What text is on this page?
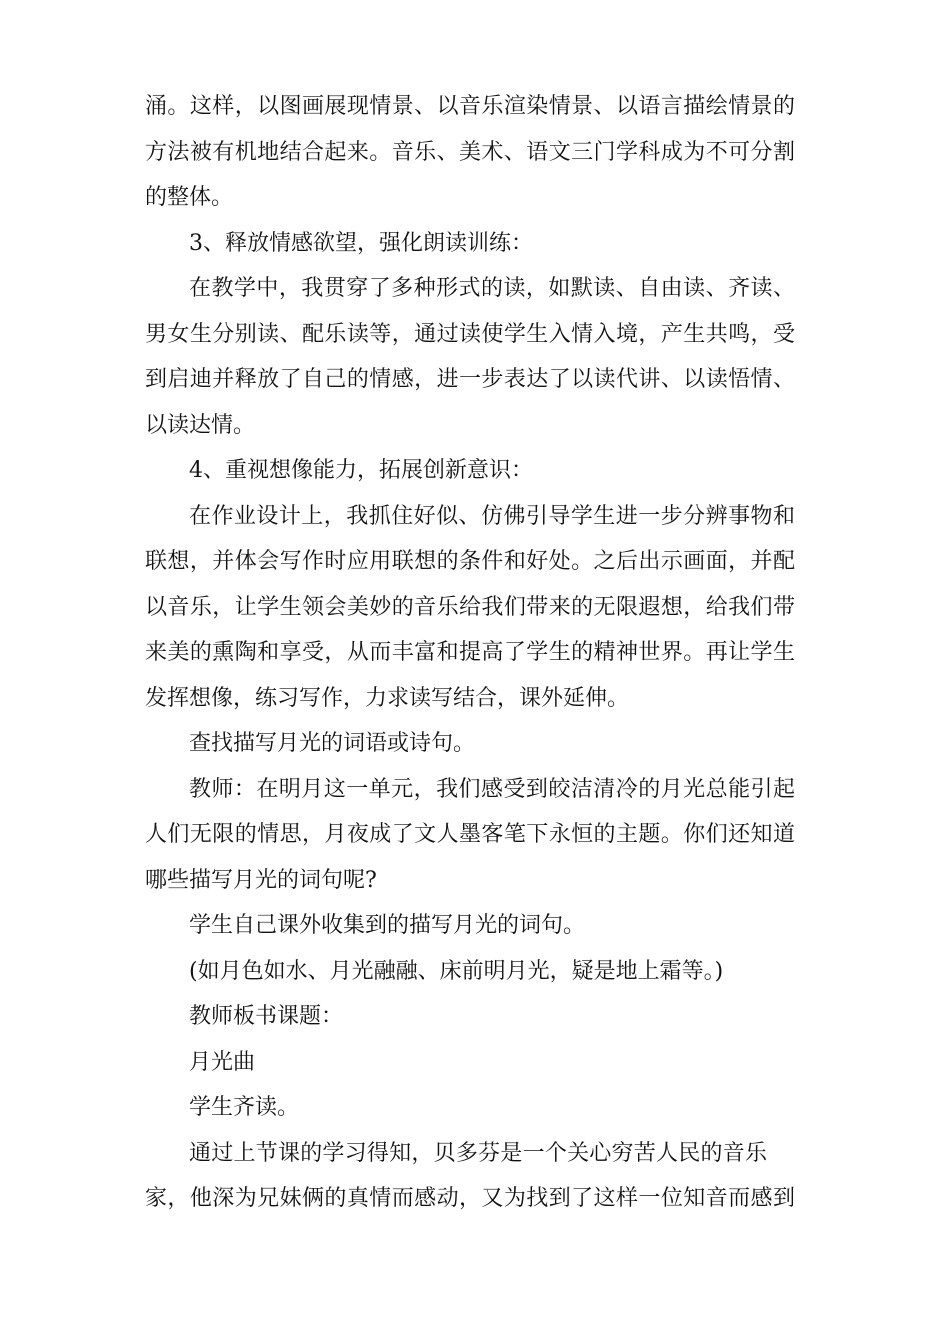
涌。这样，以图画展现情景、以音乐渲染情景、以语言描绘情景的
方法被有机地结合起来。音乐、美术、语文三门学科成为不可分割
的整体。
3、释放情感欲望，强化朗读训练：
在教学中，我贯穿了多种形式的读，如默读、自由读、齐读、
男女生分别读、配乐读等，通过读使学生入情入境，产生共鸣，受
到启迪并释放了自己的情感，进一步表达了以读代讲、以读悟情、
以读达情。
4、重视想像能力，拓展创新意识：
在作业设计上，我抓住好似、仿佛引导学生进一步分辨事物和
联想，并体会写作时应用联想的条件和好处。之后出示画面，并配
以音乐，让学生领会美妙的音乐给我们带来的无限遐想，给我们带
来美的熏陶和享受，从而丰富和提高了学生的精神世界。再让学生
发挥想像，练习写作，力求读写结合，课外延伸。
查找描写月光的词语或诗句。
教师：在明月这一单元，我们感受到皎洁清冷的月光总能引起
人们无限的情思，月夜成了文人墨客笔下永恒的主题。你们还知道
哪些描写月光的词句呢?
学生自己课外收集到的描写月光的词句。
(如月色如水、月光融融、床前明月光，疑是地上霜等。)
教师板书课题：
月光曲
学生齐读。
通过上节课的学习得知，贝多芬是一个关心穷苦人民的音乐
家，他深为兄妹俩的真情而感动，又为找到了这样一位知音而感到
